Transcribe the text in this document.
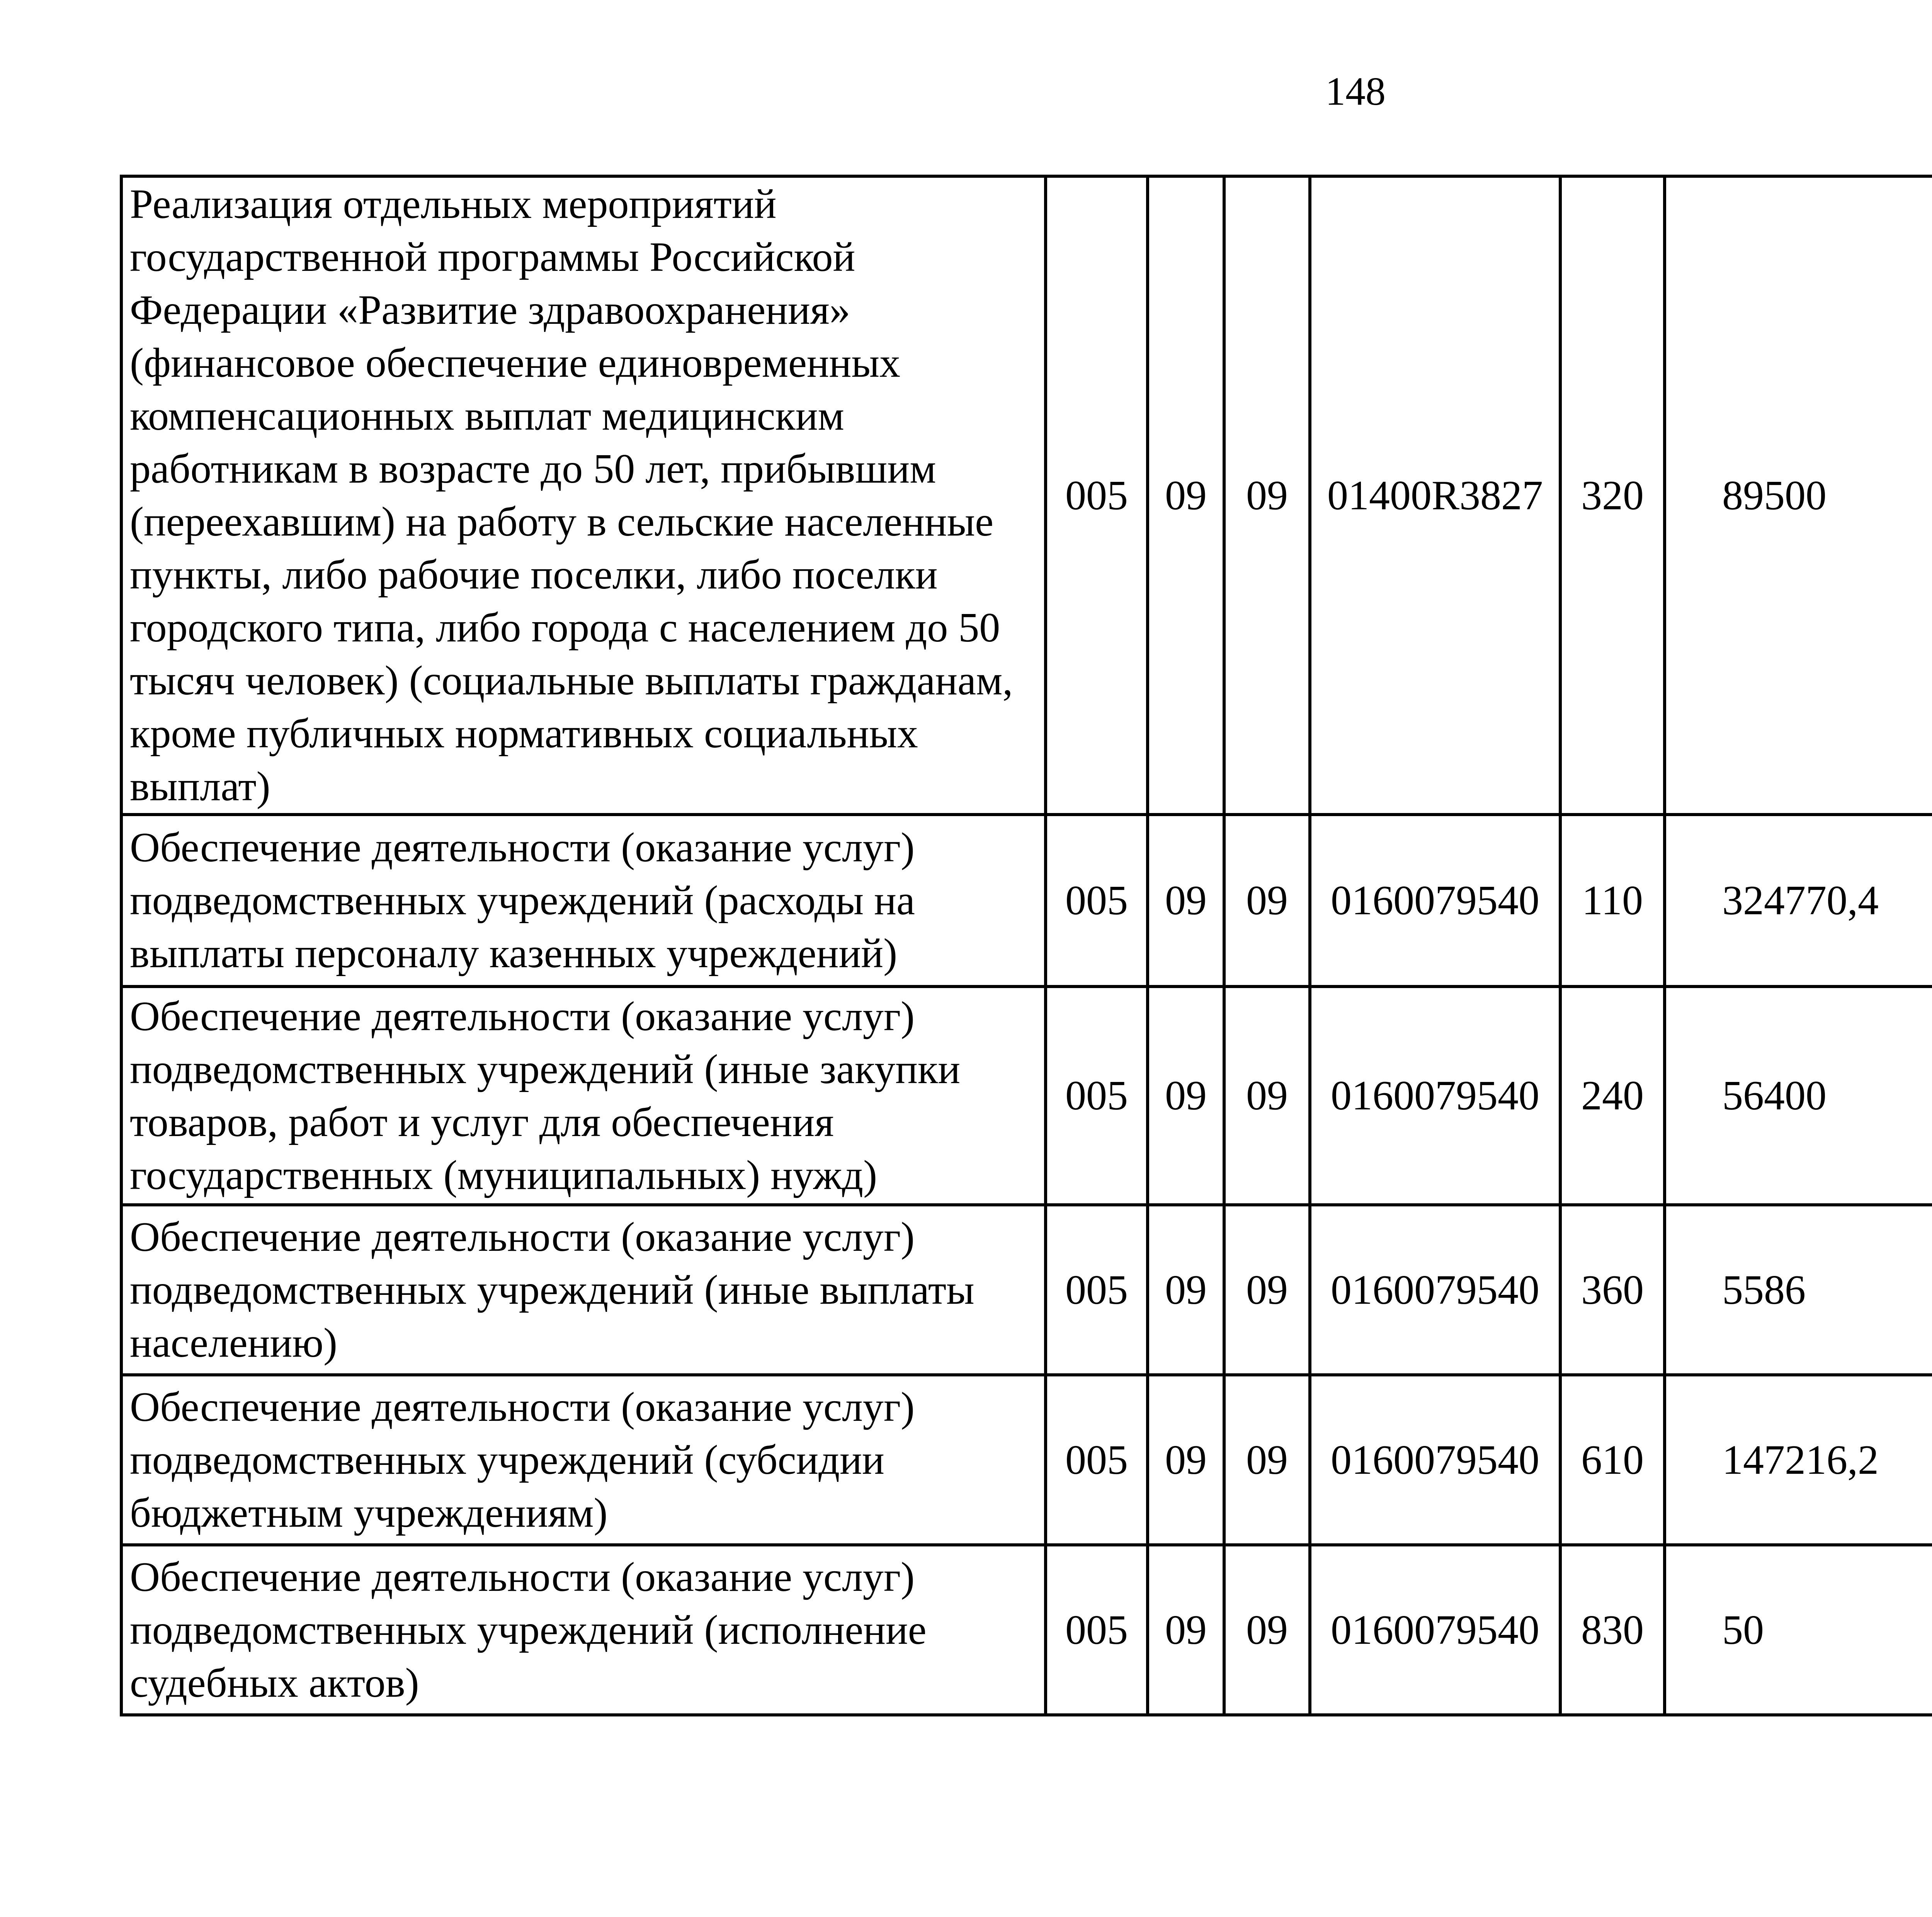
148
Реализация отдельных мероприятий государственной программы Российской Федерации «Развитие здравоохранения» (финансовое обеспечение единовременных компенсационных выплат медицинским работникам в возрасте до 50 лет, прибывшим (переехавшим) на работу в сельские населенные пункты, либо рабочие поселки, либо поселки городского типа, либо города с населением до 50 тысяч человек) (социальные выплаты гражданам, кроме публичных нормативных социальных выплат)	005	09	09	01400R3827	320	89500		
Обеспечение деятельности (оказание услуг) подведомственных учреждений (расходы на выплаты персоналу казенных учреждений)	005	09	09	0160079540	110	324770,4		
Обеспечение деятельности (оказание услуг) подведомственных учреждений (иные закупки товаров, работ и услуг для обеспечения государственных (муниципальных) нужд)	005	09	09	0160079540	240	56400		
Обеспечение деятельности (оказание услуг) подведомственных учреждений (иные выплаты населению)	005	09	09	0160079540	360	5586		
Обеспечение деятельности (оказание услуг) подведомственных учреждений (субсидии бюджетным учреждениям)	005	09	09	0160079540	610	147216,2		
Обеспечение деятельности (оказание услуг) подведомственных учреждений (исполнение судебных актов)	005	09	09	0160079540	830	50		
